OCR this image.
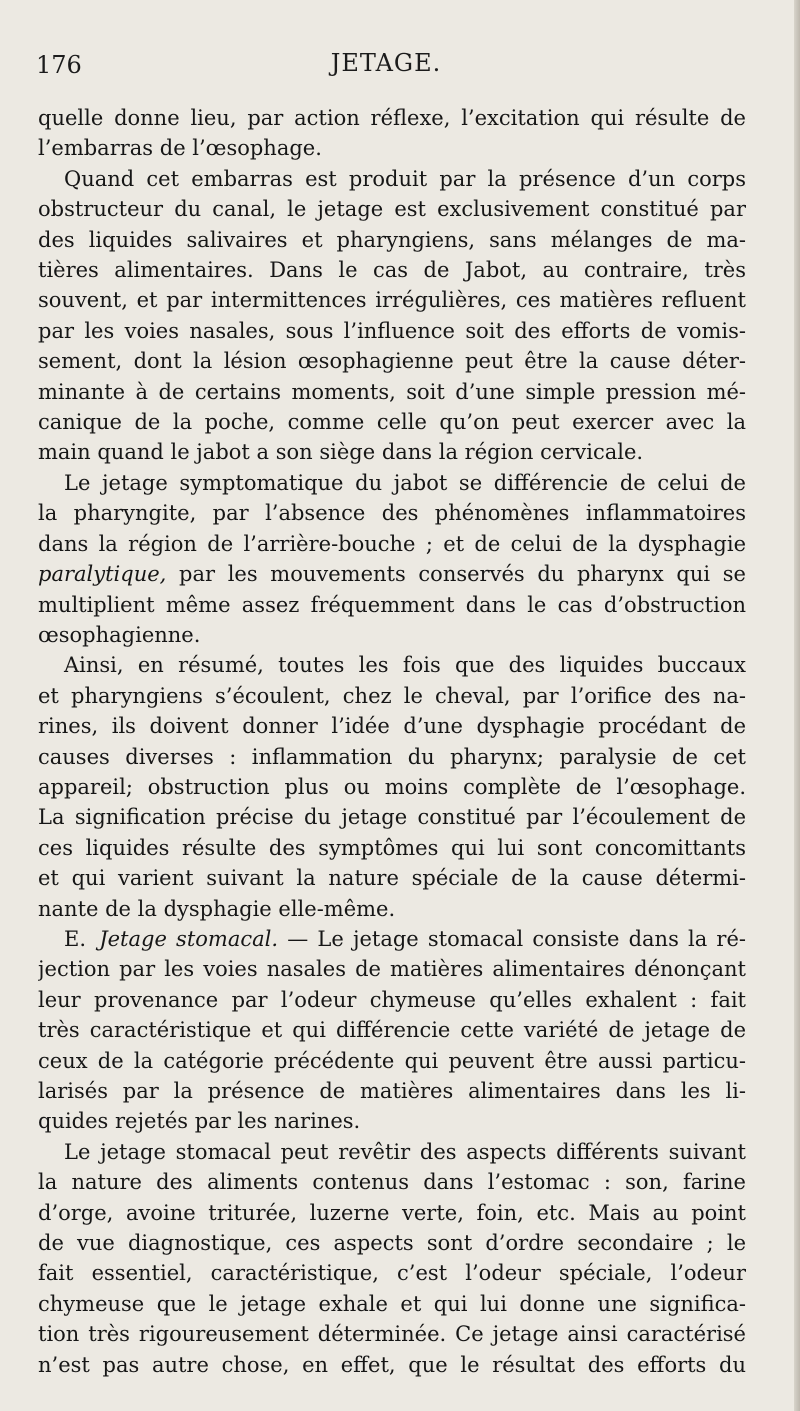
176	JETAGE.
quelle donne lieu, par action réflexe, l’excitation qui résulte de
l’embarras de l’œsophage.
Quand cet embarras est produit par la présence d’un corps
obstructeur du canal, le jetage est exclusivement constitué par
des liquides salivaires et pharyngiens, sans mélanges de ma-
tières alimentaires. Dans le cas de Jabot, au contraire, très
souvent, et par intermittences irrégulières, ces matières refluent
par les voies nasales, sous l’influence soit des efforts de vomis-
sement, dont la lésion œsophagienne peut être la cause déter-
minante à de certains moments, soit d’une simple pression mé-
canique de la poche, comme celle qu’on peut exercer avec la
main quand le jabot a son siège dans la région cervicale.
Le jetage symptomatique du jabot se différencie de celui de
la pharyngite, par l’absence des phénomènes inflammatoires
dans la région de l’arrière-bouche ; et de celui de la dysphagie
paralytique, par les mouvements conservés du pharynx qui se
multiplient même assez fréquemment dans le cas d’obstruction
œsophagienne.
Ainsi, en résumé, toutes les fois que des liquides buccaux
et pharyngiens s’écoulent, chez le cheval, par l’orifice des na-
rines, ils doivent donner l’idée d’une dysphagie procédant de
causes diverses : inflammation du pharynx; paralysie de cet
appareil; obstruction plus ou moins complète de l’œsophage.
La signification précise du jetage constitué par l’écoulement de
ces liquides résulte des symptômes qui lui sont concomittants
et qui varient suivant la nature spéciale de la cause détermi-
nante de la dysphagie elle-même.
E. Jetage stomacal. — Le jetage stomacal consiste dans la ré-
jection par les voies nasales de matières alimentaires dénonçant
leur provenance par l’odeur chymeuse qu’elles exhalent : fait
très caractéristique et qui différencie cette variété de jetage de
ceux de la catégorie précédente qui peuvent être aussi particu-
larisés par la présence de matières alimentaires dans les li-
quides rejetés par les narines.
Le jetage stomacal peut revêtir des aspects différents suivant
la nature des aliments contenus dans l’estomac : son, farine
d’orge, avoine triturée, luzerne verte, foin, etc. Mais au point
de vue diagnostique, ces aspects sont d’ordre secondaire ; le
fait essentiel, caractéristique, c’est l’odeur spéciale, l’odeur
chymeuse que le jetage exhale et qui lui donne une significa-
tion très rigoureusement déterminée. Ce jetage ainsi caractérisé
n’est pas autre chose, en effet, que le résultat des efforts du
